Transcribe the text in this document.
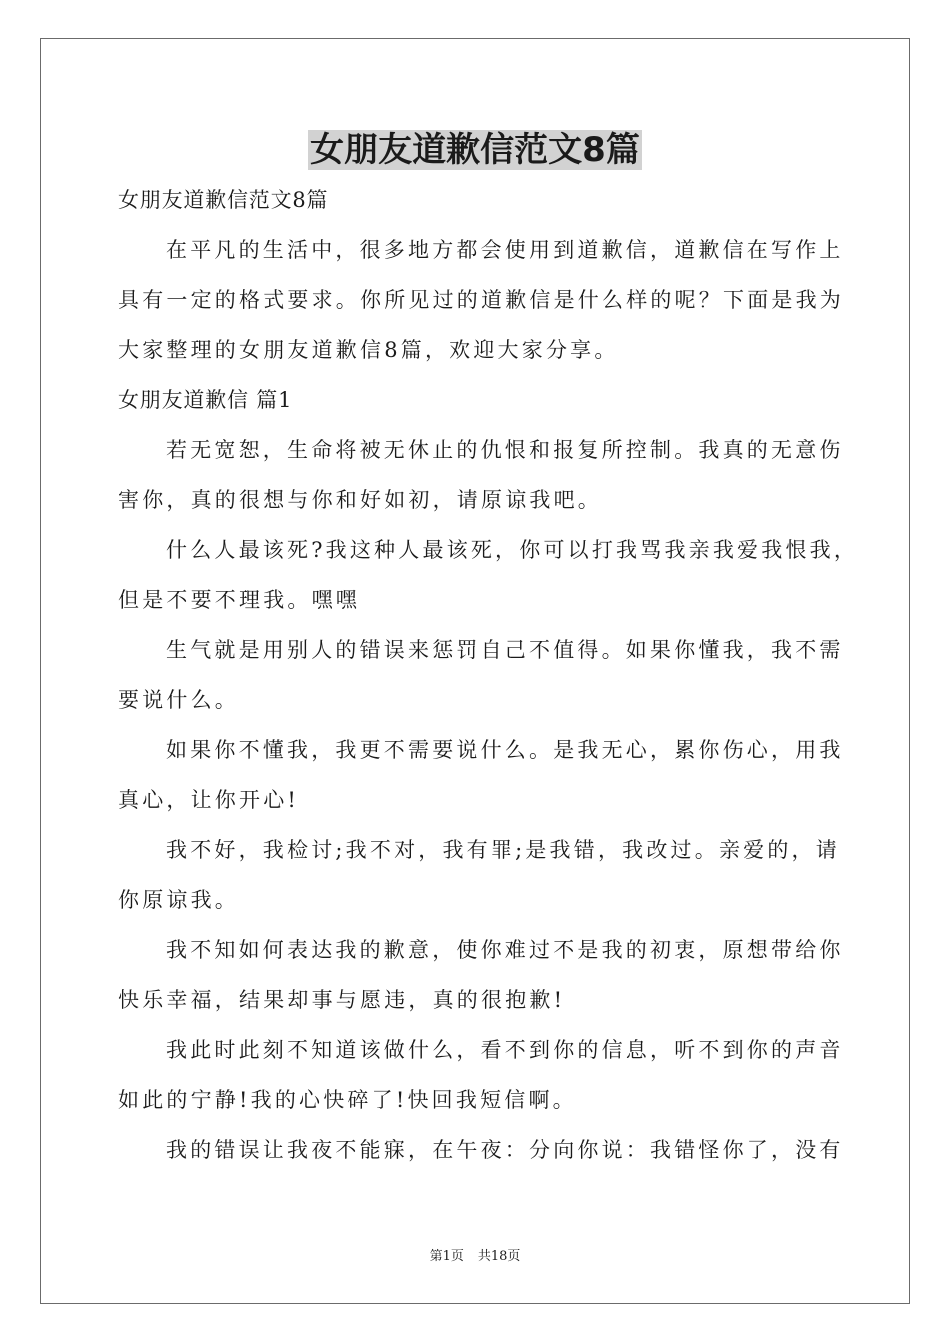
女朋友道歉信范文8篇
女朋友道歉信范文8篇
在平凡的生活中，很多地方都会使用到道歉信，道歉信在写作上
具有一定的格式要求。你所见过的道歉信是什么样的呢？下面是我为
大家整理的女朋友道歉信8篇，欢迎大家分享。
女朋友道歉信 篇1
若无宽恕，生命将被无休止的仇恨和报复所控制。我真的无意伤
害你，真的很想与你和好如初，请原谅我吧。
什么人最该死?我这种人最该死，你可以打我骂我亲我爱我恨我，
但是不要不理我。嘿嘿
生气就是用别人的错误来惩罚自己不值得。如果你懂我，我不需
要说什么。
如果你不懂我，我更不需要说什么。是我无心，累你伤心，用我
真心，让你开心!
我不好，我检讨;我不对，我有罪;是我错，我改过。亲爱的，请
你原谅我。
我不知如何表达我的歉意，使你难过不是我的初衷，原想带给你
快乐幸福，结果却事与愿违，真的很抱歉!
我此时此刻不知道该做什么，看不到你的信息，听不到你的声音
如此的宁静!我的心快碎了!快回我短信啊。
我的错误让我夜不能寐，在午夜：分向你说：我错怪你了，没有
第1页 共18页
